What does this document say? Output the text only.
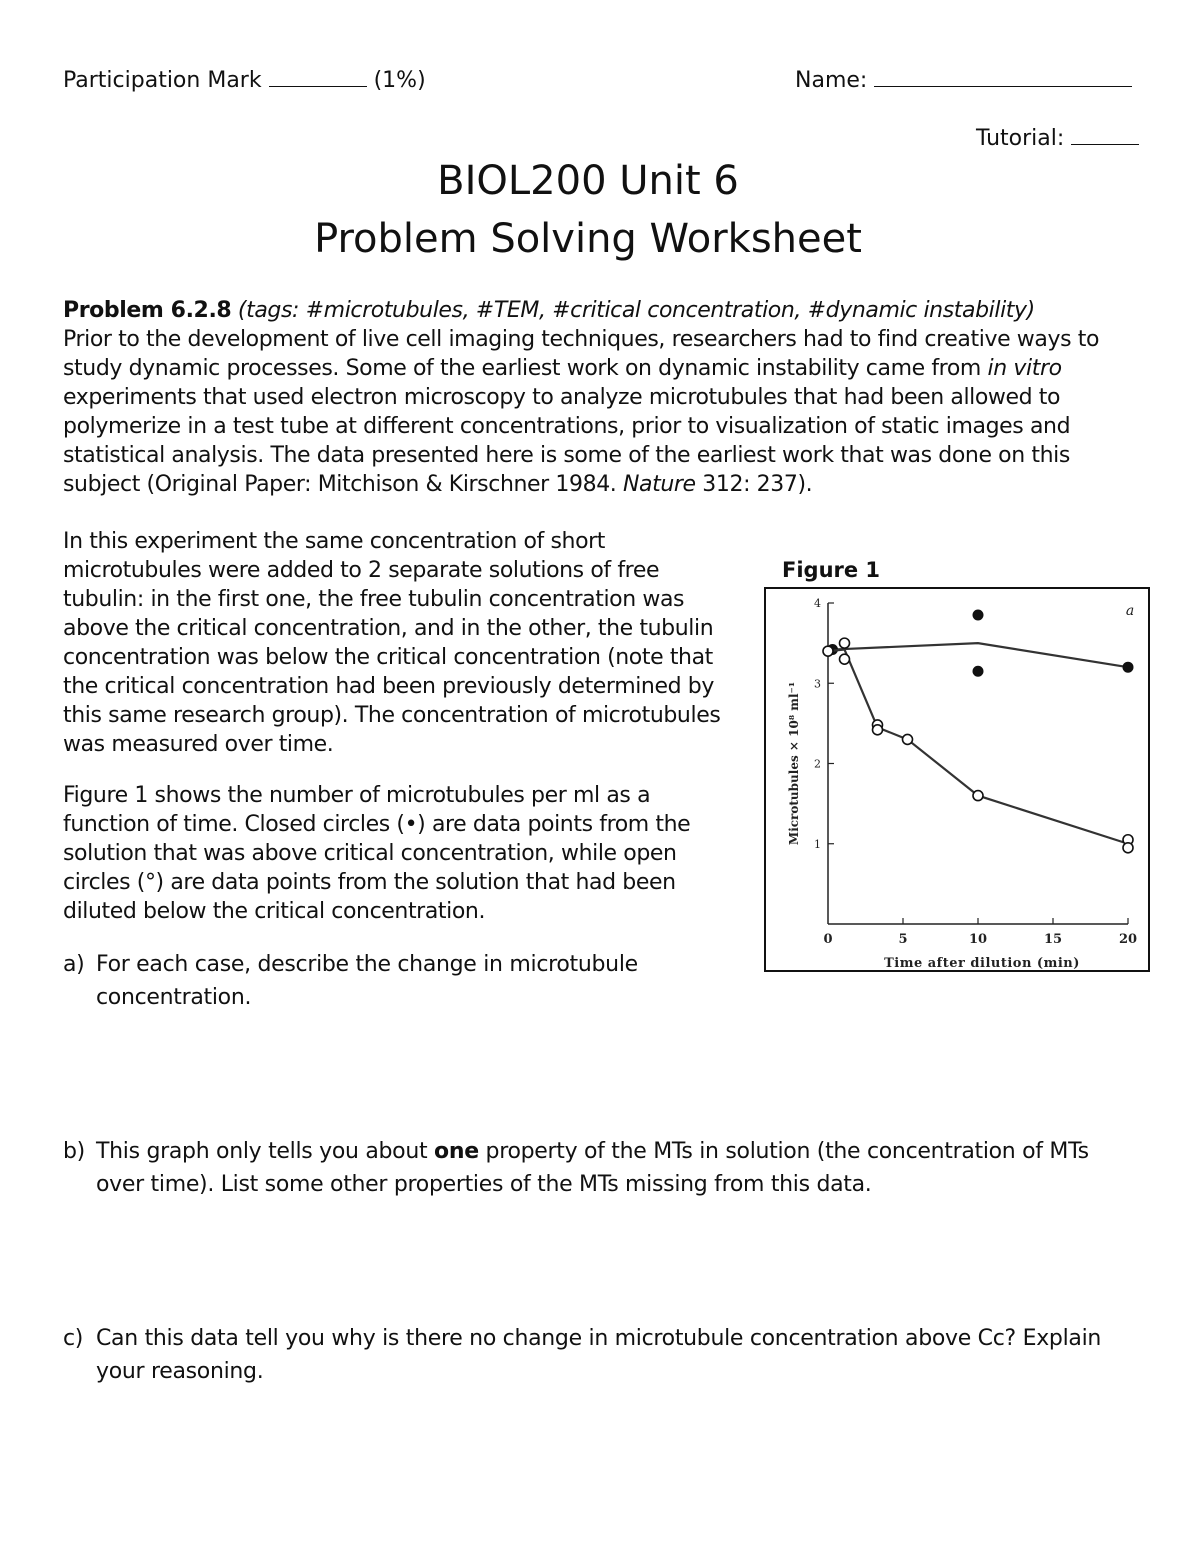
Participation Mark	(1%)	Name:
Tutorial:
BIOL200 Unit 6
Problem Solving Worksheet

Problem 6.2.8 (tags: #microtubules, #TEM, #critical concentration, #dynamic instability)

Prior to the development of live cell imaging techniques, researchers had to find creative ways to study dynamic processes. Some of the earliest work on dynamic instability came from in vitro experiments that used electron microscopy to analyze microtubules that had been allowed to polymerize in a test tube at different concentrations, prior to visualization of static images and statistical analysis. The data presented here is some of the earliest work that was done on this subject (Original Paper: Mitchison & Kirschner 1984. Nature 312: 237).

In this experiment the same concentration of short microtubules were added to 2 separate solutions of free tubulin: in the first one, the free tubulin concentration was above the critical concentration, and in the other, the tubulin concentration was below the critical concentration (note that the critical concentration had been previously determined by this same research group). The concentration of microtubules was measured over time.

Figure 1 shows the number of microtubules per ml as a function of time. Closed circles (•) are data points from the solution that was above critical concentration, while open circles (°) are data points from the solution that had been diluted below the critical concentration.

a) For each case, describe the change in microtubule concentration.
b) This graph only tells you about one property of the MTs in solution (the concentration of MTs over time). List some other properties of the MTs missing from this data.
c) Can this data tell you why is there no change in microtubule concentration above Cc? Explain your reasoning.
Figure 1
0	5	10	15	20
1
2
3
4
Time after dilution (min)
Microtubules × 10⁸ ml⁻¹
a
